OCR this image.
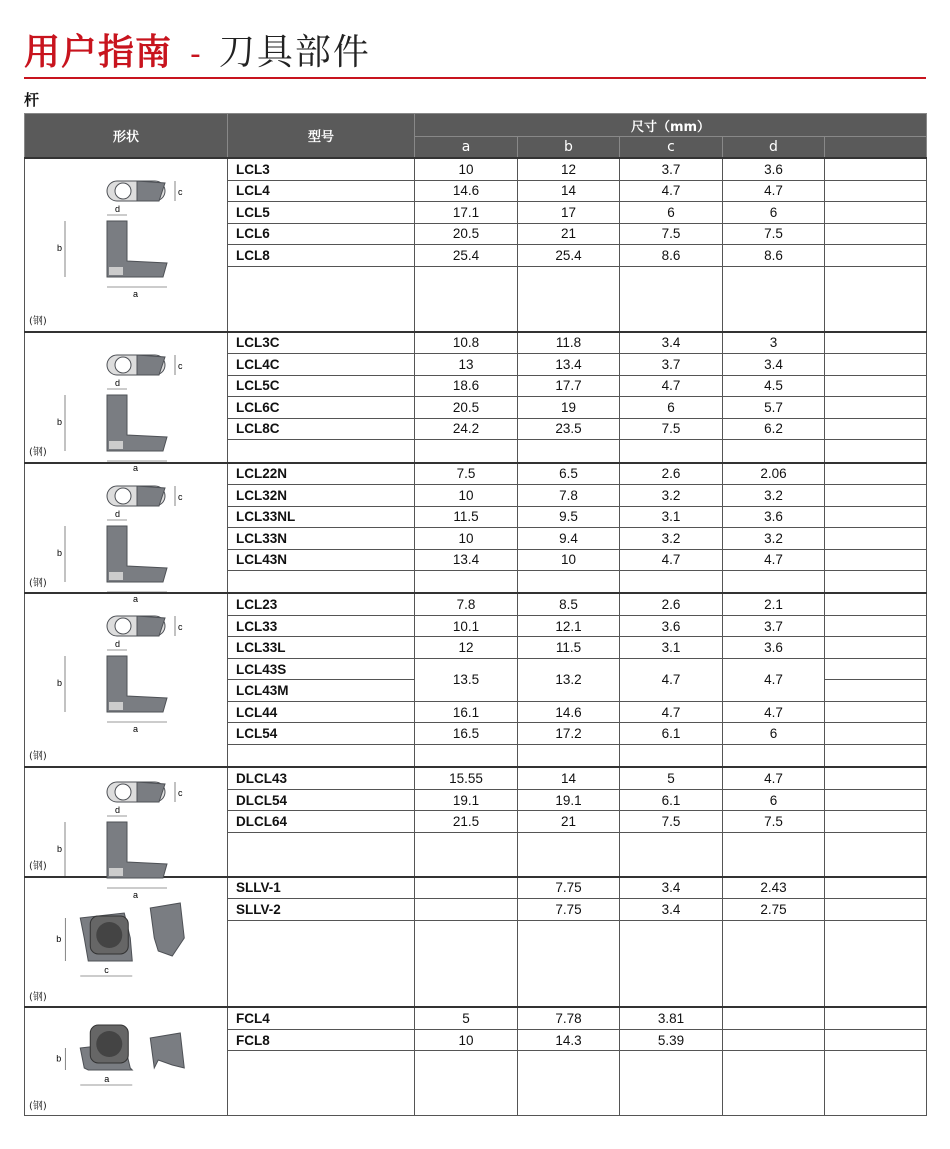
用户指南 - 刀具部件
杆
形状	型号	尺寸（mm）				
		a	b	c	d	

c
d
b
a
(钢)	LCL3	10	12	3.7	3.6	
	LCL4	14.6	14	4.7	4.7	
	LCL5	17.1	17	6	6	
	LCL6	20.5	21	7.5	7.5	
	LCL8	25.4	25.4	8.6	8.6	

c
d
b
a
(钢)	LCL3C	10.8	11.8	3.4	3	
	LCL4C	13	13.4	3.7	3.4	
	LCL5C	18.6	17.7	4.7	4.5	
	LCL6C	20.5	19	6	5.7	
	LCL8C	24.2	23.5	7.5	6.2	

c
d
b
a
(钢)	LCL22N	7.5	6.5	2.6	2.06	
	LCL32N	10	7.8	3.2	3.2	
	LCL33NL	11.5	9.5	3.1	3.6	
	LCL33N	10	9.4	3.2	3.2	
	LCL43N	13.4	10	4.7	4.7	

c
d
b
a
(钢)	LCL23	7.8	8.5	2.6	2.1	
	LCL33	10.1	12.1	3.6	3.7	
	LCL33L	12	11.5	3.1	3.6	
	LCL43S	13.5	13.2	4.7	4.7	
	LCL43M					
	LCL44	16.1	14.6	4.7	4.7	
	LCL54	16.5	17.2	6.1	6	

c
d
b
a
(钢)	DLCL43	15.55	14	5	4.7	
	DLCL54	19.1	19.1	6.1	6	
	DLCL64	21.5	21	7.5	7.5	

c
b
(钢)	SLLV-1		7.75	3.4	2.43	
	SLLV-2		7.75	3.4	2.75	

a
b
(钢)	FCL4	5	7.78	3.81		
	FCL8	10	14.3	5.39		
